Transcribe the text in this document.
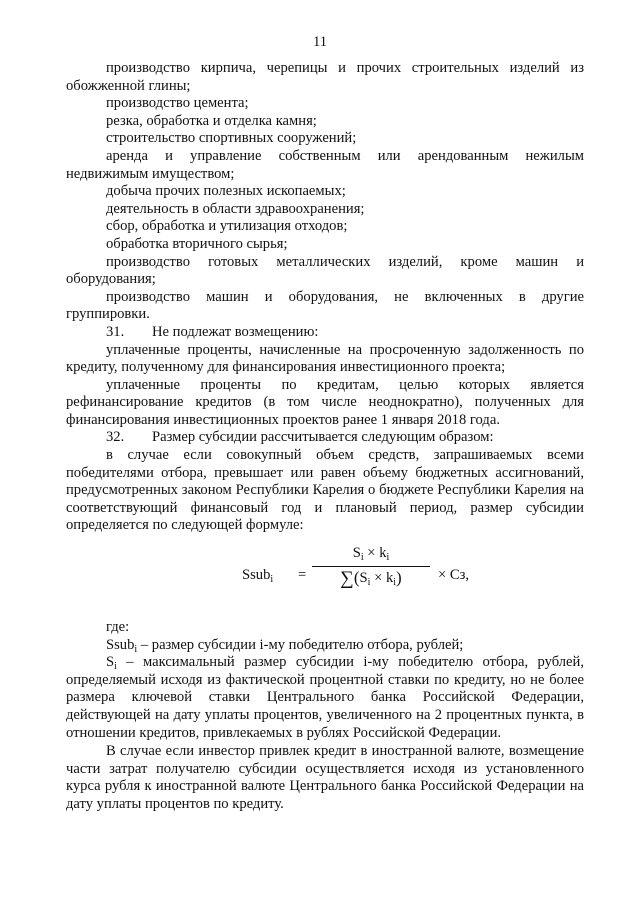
11

производство кирпича, черепицы и прочих строительных изделий из обожженной глины;

производство цемента;

резка, обработка и отделка камня;

строительство спортивных сооружений;

аренда и управление собственным или арендованным нежилым недвижимым имуществом;

добыча прочих полезных ископаемых;

деятельность в области здравоохранения;

сбор, обработка и утилизация отходов;

обработка вторичного сырья;

производство готовых металлических изделий, кроме машин и оборудования;

производство машин и оборудования, не включенных в другие группировки.

31. Не подлежат возмещению:

уплаченные проценты, начисленные на просроченную задолженность по кредиту, полученному для финансирования инвестиционного проекта;

уплаченные проценты по кредитам, целью которых является рефинансирование кредитов (в том числе неоднократно), полученных для финансирования инвестиционных проектов ранее 1 января 2018 года.

32. Размер субсидии рассчитывается следующим образом:

в случае если совокупный объем средств, запрашиваемых всеми победителями отбора, превышает или равен объему бюджетных ассигнований, предусмотренных законом Республики Карелия о бюджете Республики Карелия на соответствующий финансовый год и плановый период, размер субсидии определяется по следующей формуле:

Ssub$_i$ =
$S_i \times k_i$
$\sum(S_i \times k_i)$	× Сз,

где:

Ssub$_i$ – размер субсидии i-му победителю отбора, рублей;

$S_i$ – максимальный размер субсидии i-му победителю отбора, рублей, определяемый исходя из фактической процентной ставки по кредиту, но не более размера ключевой ставки Центрального банка Российской Федерации, действующей на дату уплаты процентов, увеличенного на 2 процентных пункта, в отношении кредитов, привлекаемых в рублях Российской Федерации.

В случае если инвестор привлек кредит в иностранной валюте, возмещение части затрат получателю субсидии осуществляется исходя из установленного курса рубля к иностранной валюте Центрального банка Российской Федерации на дату уплаты процентов по кредиту.
